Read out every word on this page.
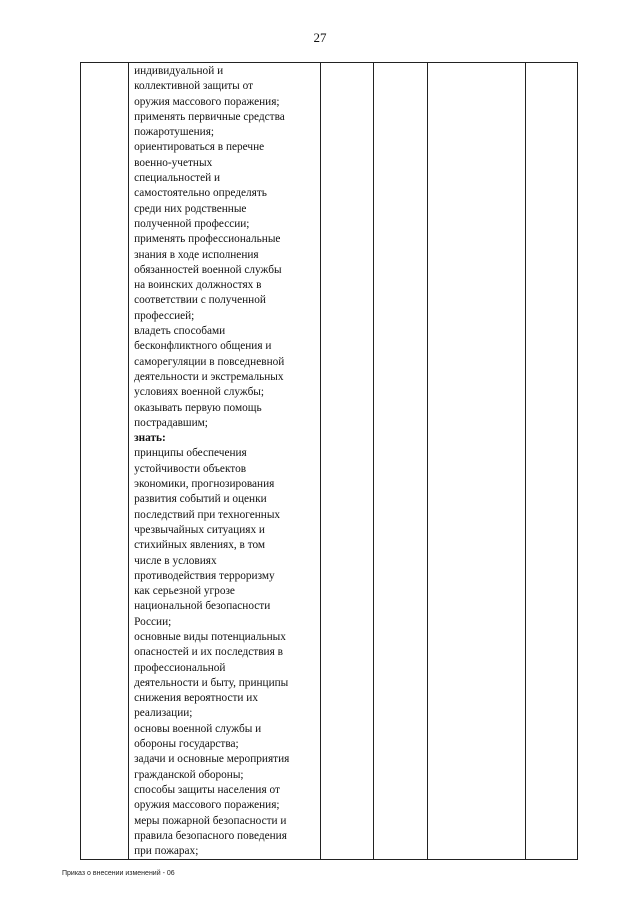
27

индивидуальной и
коллективной защиты от
оружия массового поражения;
применять первичные средства
пожаротушения;
ориентироваться в перечне
военно-учетных
специальностей и
самостоятельно определять
среди них родственные
полученной профессии;
применять профессиональные
знания в ходе исполнения
обязанностей военной службы
на воинских должностях в
соответствии с полученной
профессией;
владеть способами
бесконфликтного общения и
саморегуляции в повседневной
деятельности и экстремальных
условиях военной службы;
оказывать первую помощь
пострадавшим;
знать:
принципы обеспечения
устойчивости объектов
экономики, прогнозирования
развития событий и оценки
последствий при техногенных
чрезвычайных ситуациях и
стихийных явлениях, в том
числе в условиях
противодействия терроризму
как серьезной угрозе
национальной безопасности
России;
основные виды потенциальных
опасностей и их последствия в
профессиональной
деятельности и быту, принципы
снижения вероятности их
реализации;
основы военной службы и
обороны государства;
задачи и основные мероприятия
гражданской обороны;
способы защиты населения от
оружия массового поражения;
меры пожарной безопасности и
правила безопасного поведения
при пожарах;

Приказ о внесении изменений - 06
